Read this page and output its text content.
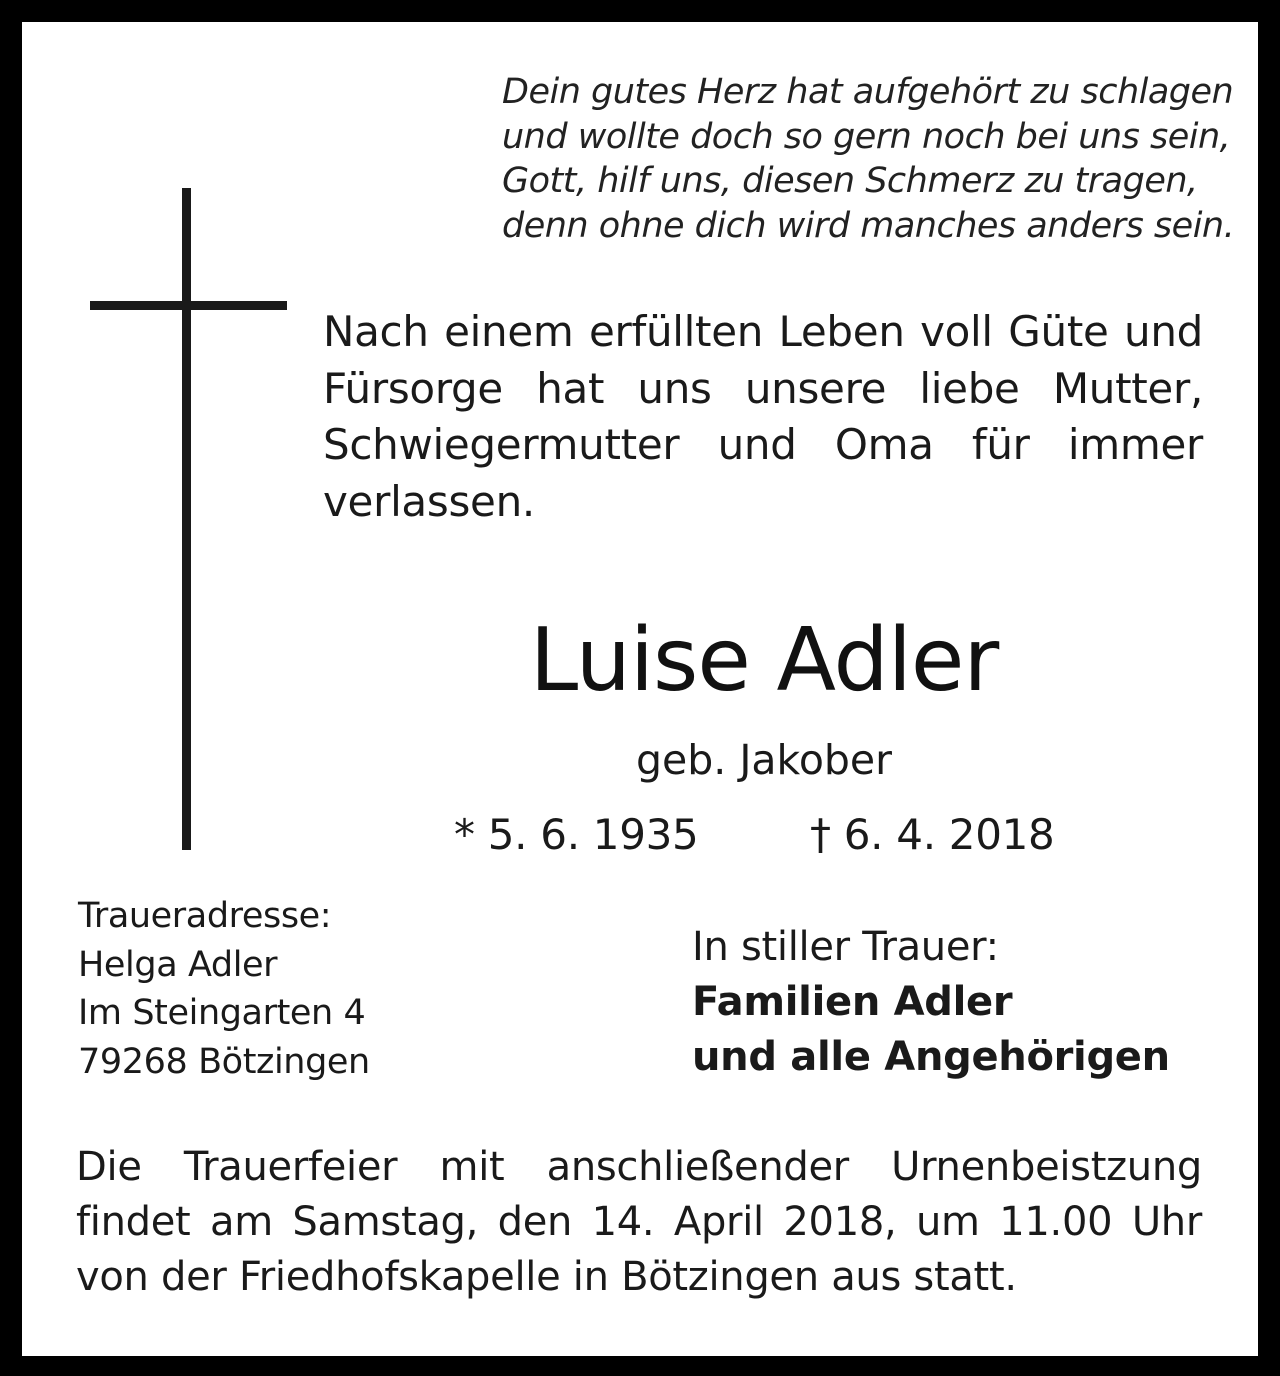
Dein gutes Herz hat aufgehört zu schlagen
und wollte doch so gern noch bei uns sein,
Gott, hilf uns, diesen Schmerz zu tragen,
denn ohne dich wird manches anders sein.
Nach einem erfüllten Leben voll Güte und Fürsorge hat uns unsere liebe Mutter, Schwiegermutter und Oma für immer verlassen.
Luise Adler
geb. Jakober
* 5. 6. 1935	† 6. 4. 2018
Traueradresse:
Helga Adler
Im Steingarten 4
79268 Bötzingen
In stiller Trauer:
Familien Adler
und alle Angehörigen
Die Trauerfeier mit anschließender Urnenbeistzung findet am Samstag, den 14. April 2018, um 11.00 Uhr von der Friedhofskapelle in Bötzingen aus statt.
